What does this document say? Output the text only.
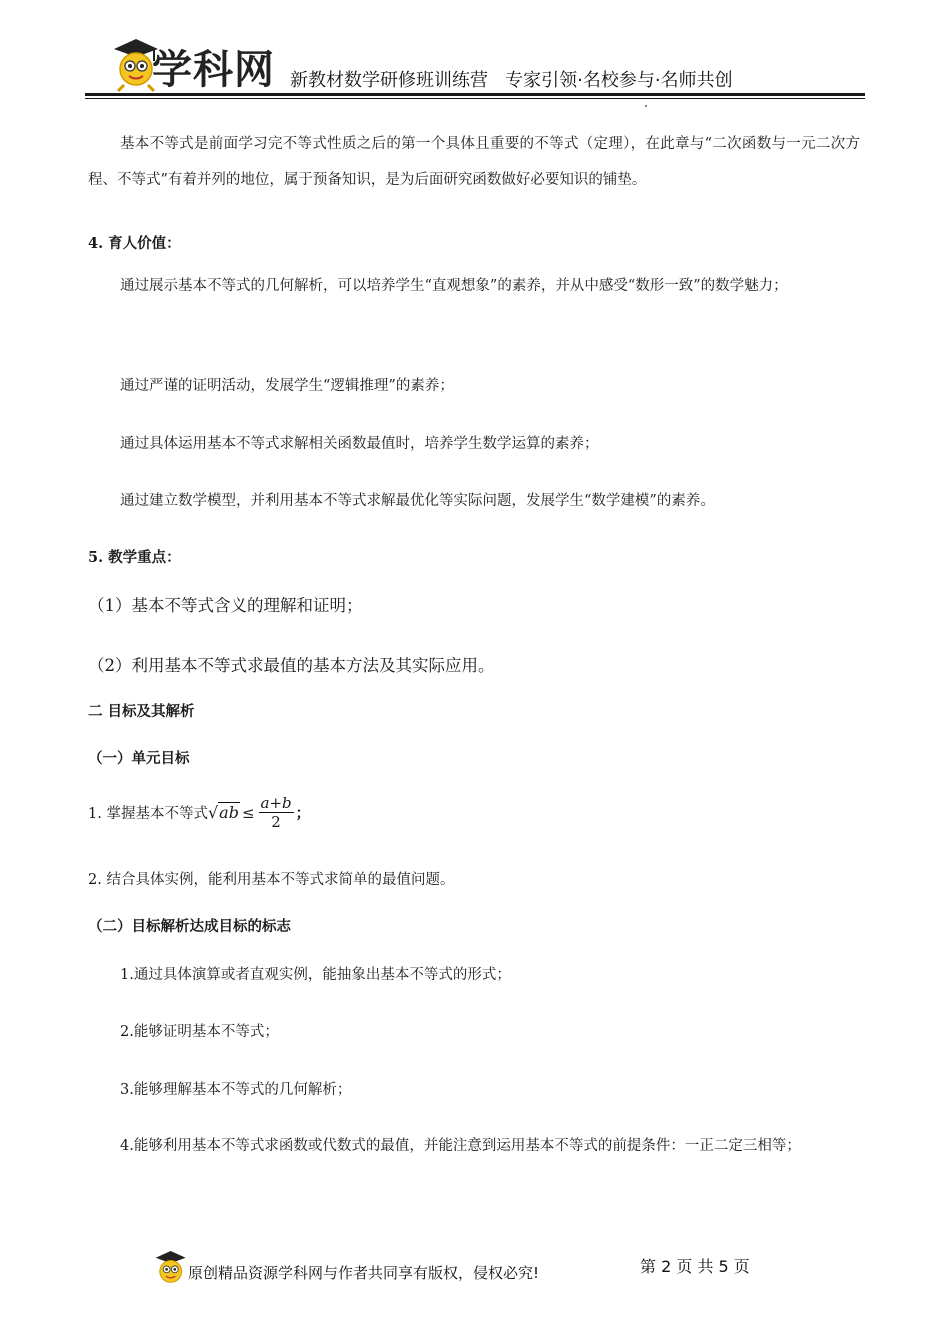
学科网 新教材数学研修班训练营   专家引领·名校参与·名师共创
基本不等式是前面学习完不等式性质之后的第一个具体且重要的不等式（定理），在此章与“二次函数与一元二次方程、不等式”有着并列的地位，属于预备知识，是为后面研究函数做好必要知识的铺垫。
4. 育人价值：
通过展示基本不等式的几何解析，可以培养学生“直观想象”的素养，并从中感受“数形一致”的数学魅力；
通过严谨的证明活动，发展学生“逻辑推理”的素养；
通过具体运用基本不等式求解相关函数最值时，培养学生数学运算的素养；
通过建立数学模型，并利用基本不等式求解最优化等实际问题，发展学生“数学建模”的素养。
5. 教学重点：
（1）基本不等式含义的理解和证明；
（2）利用基本不等式求最值的基本方法及其实际应用。
二 目标及其解析
（一）单元目标
1. 掌握基本不等式 $√ab \le \frac{a+b}{2}$ ；
2. 结合具体实例，能利用基本不等式求简单的最值问题。
（二）目标解析达成目标的标志
1.通过具体演算或者直观实例，能抽象出基本不等式的形式；
2.能够证明基本不等式；
3.能够理解基本不等式的几何解析；
4.能够利用基本不等式求函数或代数式的最值，并能注意到运用基本不等式的前提条件：一正二定三相等；
原创精品资源学科网与作者共同享有版权，侵权必究!	第 2 页 共 5 页
